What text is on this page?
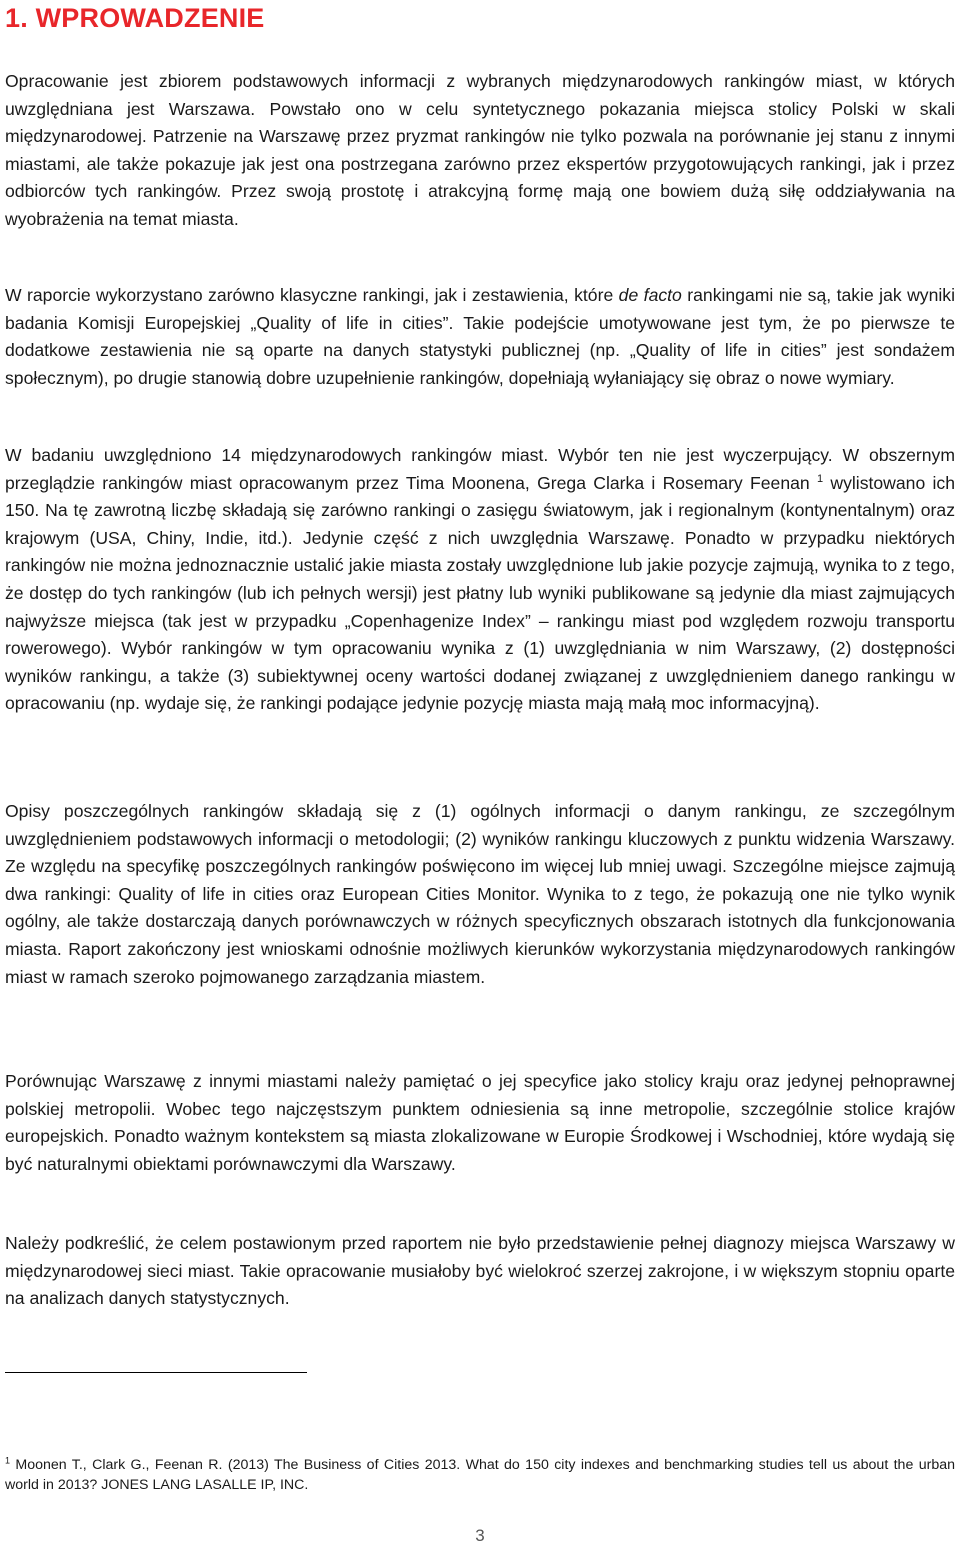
1. WPROWADZENIE

Opracowanie jest zbiorem podstawowych informacji z wybranych międzynarodowych rankingów miast, w których uwzględniana jest Warszawa. Powstało ono w celu syntetycznego pokazania miejsca stolicy Polski w skali międzynarodowej. Patrzenie na Warszawę przez pryzmat rankingów nie tylko pozwala na porównanie jej stanu z innymi miastami, ale także pokazuje jak jest ona postrzegana zarówno przez ekspertów przygotowujących rankingi, jak i przez odbiorców tych rankingów. Przez swoją prostotę i atrakcyjną formę mają one bowiem dużą siłę oddziaływania na wyobrażenia na temat miasta.

W raporcie wykorzystano zarówno klasyczne rankingi, jak i zestawienia, które de facto rankingami nie są, takie jak wyniki badania Komisji Europejskiej „Quality of life in cities”. Takie podejście umotywowane jest tym, że po pierwsze te dodatkowe zestawienia nie są oparte na danych statystyki publicznej (np. „Quality of life in cities” jest sondażem społecznym), po drugie stanowią dobre uzupełnienie rankingów, dopełniają wyłaniający się obraz o nowe wymiary.

W badaniu uwzględniono 14 międzynarodowych rankingów miast. Wybór ten nie jest wyczerpujący. W obszernym przeglądzie rankingów miast opracowanym przez Tima Moonena, Grega Clarka i Rosemary Feenan $^1$ wylistowano ich 150. Na tę zawrotną liczbę składają się zarówno rankingi o zasięgu światowym, jak i regionalnym (kontynentalnym) oraz krajowym (USA, Chiny, Indie, itd.). Jedynie część z nich uwzględnia Warszawę. Ponadto w przypadku niektórych rankingów nie można jednoznacznie ustalić jakie miasta zostały uwzględnione lub jakie pozycje zajmują, wynika to z tego, że dostęp do tych rankingów (lub ich pełnych wersji) jest płatny lub wyniki publikowane są jedynie dla miast zajmujących najwyższe miejsca (tak jest w przypadku „Copenhagenize Index” – rankingu miast pod względem rozwoju transportu rowerowego). Wybór rankingów w tym opracowaniu wynika z (1) uwzględniania w nim Warszawy, (2) dostępności wyników rankingu, a także (3) subiektywnej oceny wartości dodanej związanej z uwzględnieniem danego rankingu w opracowaniu (np. wydaje się, że rankingi podające jedynie pozycję miasta mają małą moc informacyjną).

Opisy poszczególnych rankingów składają się z (1) ogólnych informacji o danym rankingu, ze szczególnym uwzględnieniem podstawowych informacji o metodologii; (2) wyników rankingu kluczowych z punktu widzenia Warszawy. Ze względu na specyfikę poszczególnych rankingów poświęcono im więcej lub mniej uwagi. Szczególne miejsce zajmują dwa rankingi: Quality of life in cities oraz European Cities Monitor. Wynika to z tego, że pokazują one nie tylko wynik ogólny, ale także dostarczają danych porównawczych w różnych specyficznych obszarach istotnych dla funkcjonowania miasta. Raport zakończony jest wnioskami odnośnie możliwych kierunków wykorzystania międzynarodowych rankingów miast w ramach szeroko pojmowanego zarządzania miastem.

Porównując Warszawę z innymi miastami należy pamiętać o jej specyfice jako stolicy kraju oraz jedynej pełnoprawnej polskiej metropolii. Wobec tego najczęstszym punktem odniesienia są inne metropolie, szczególnie stolice krajów europejskich. Ponadto ważnym kontekstem są miasta zlokalizowane w Europie Środkowej i Wschodniej, które wydają się być naturalnymi obiektami porównawczymi dla Warszawy.

Należy podkreślić, że celem postawionym przed raportem nie było przedstawienie pełnej diagnozy miejsca Warszawy w międzynarodowej sieci miast. Takie opracowanie musiałoby być wielokroć szerzej zakrojone, i w większym stopniu oparte na analizach danych statystycznych.

$^1$ Moonen T., Clark G., Feenan R. (2013) The Business of Cities 2013. What do 150 city indexes and benchmarking studies tell us about the urban world in 2013? JONES LANG LASALLE IP, INC.

3
